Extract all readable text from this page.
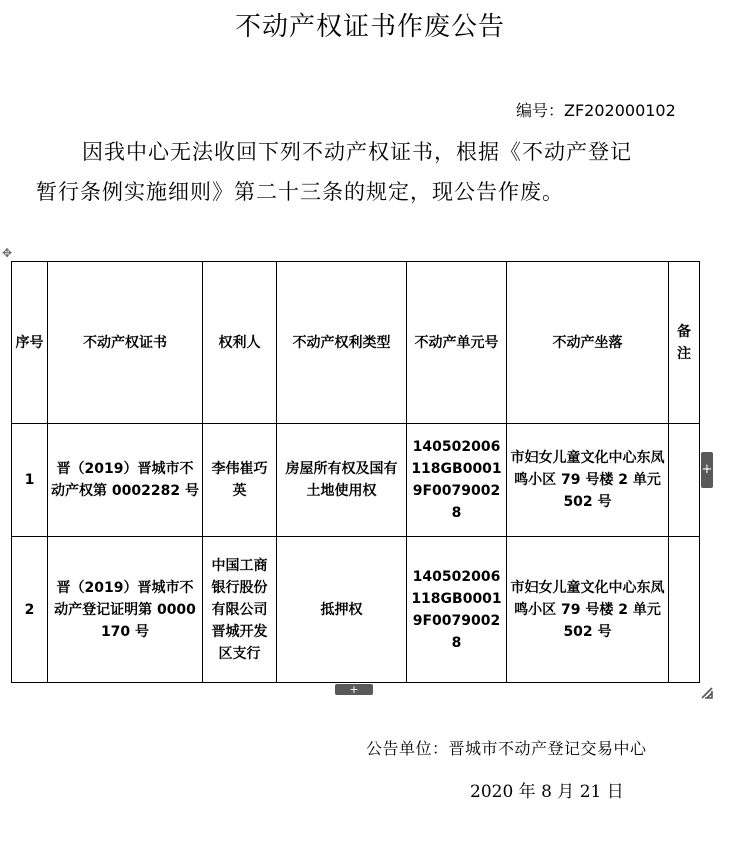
不动产权证书作废公告
编号：ZF202000102
因我中心无法收回下列不动产权证书，根据《不动产登记
暂行条例实施细则》第二十三条的规定，现公告作废。
✥
序号	不动产权证书	权利人	不动产权利类型	不动产单元号	不动产坐落	备注
1	晋（2019）晋城市不动产权第 0002282 号	李伟崔巧英	房屋所有权及国有土地使用权	140502006118GB00019F00790028	市妇女儿童文化中心东凤鸣小区 79 号楼 2 单元 502 号	
2	晋（2019）晋城市不动产登记证明第 0000170 号	中国工商银行股份有限公司晋城开发区支行	抵押权	140502006118GB00019F00790028	市妇女儿童文化中心东凤鸣小区 79 号楼 2 单元 502 号	
+
+
公告单位：晋城市不动产登记交易中心
2020 年 8 月 21 日
